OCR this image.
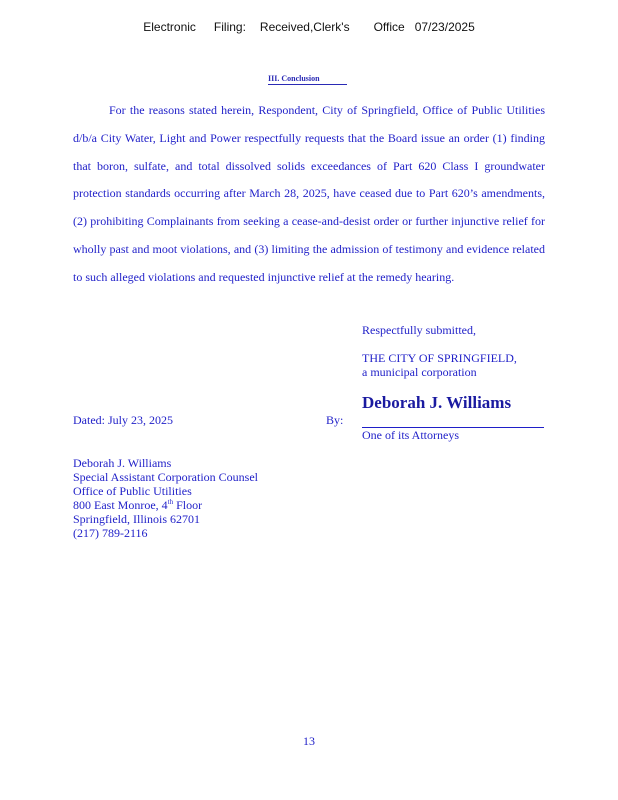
Electronic Filing: Received,Clerk's Office 07/23/2025
III. Conclusion

For the reasons stated herein, Respondent, City of Springfield, Office of Public Utilities d/b/a City Water, Light and Power respectfully requests that the Board issue an order (1) finding that boron, sulfate, and total dissolved solids exceedances of Part 620 Class I groundwater protection standards occurring after March 28, 2025, have ceased due to Part 620’s amendments, (2) prohibiting Complainants from seeking a cease-and-desist order or further injunctive relief for wholly past and moot violations, and (3) limiting the admission of testimony and evidence related to such alleged violations and requested injunctive relief at the remedy hearing.

Respectfully submitted,
THE CITY OF SPRINGFIELD,
a municipal corporation
Deborah J. Williams
Dated: July 23, 2025	By:
One of its Attorneys
Deborah J. Williams
Special Assistant Corporation Counsel
Office of Public Utilities
800 East Monroe, 4th Floor
Springfield, Illinois 62701
(217) 789-2116
13
